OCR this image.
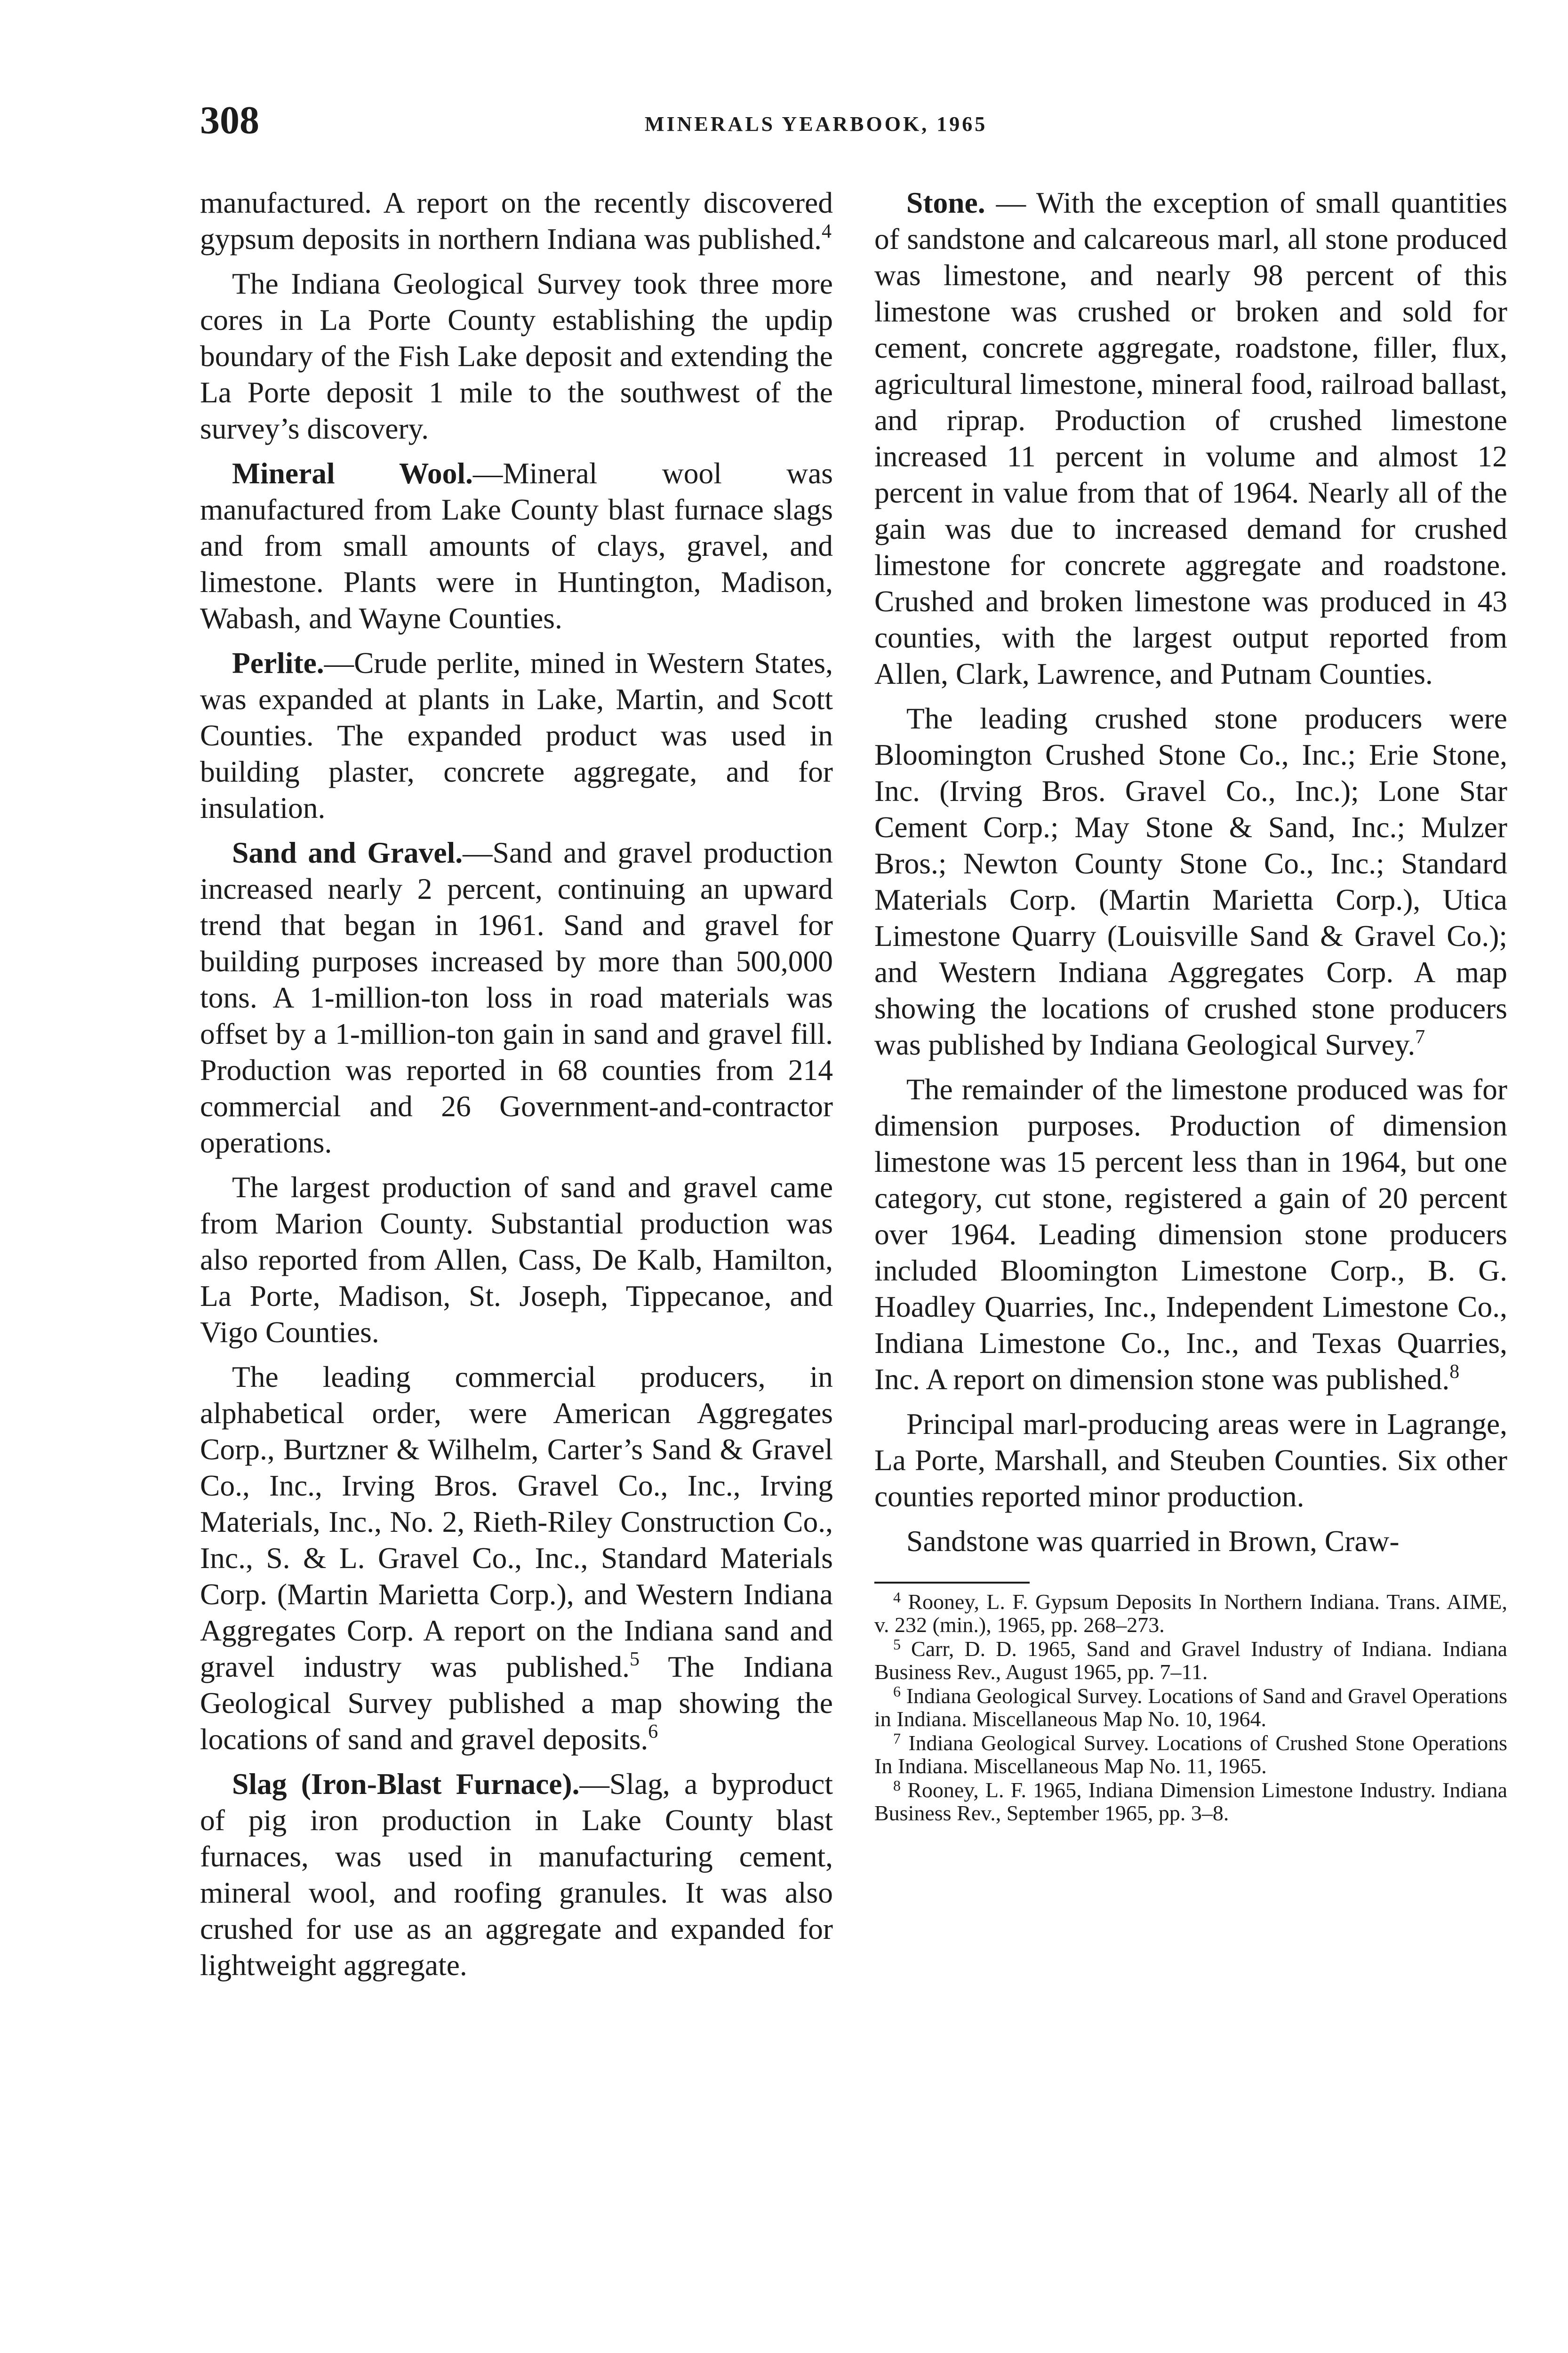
308	MINERALS YEARBOOK, 1965

manufactured. A report on the recently discovered gypsum deposits in northern Indiana was published.$^4$

The Indiana Geological Survey took three more cores in La Porte County establishing the updip boundary of the Fish Lake deposit and extending the La Porte deposit 1 mile to the southwest of the survey’s discovery.

Mineral Wool.—Mineral wool was manufactured from Lake County blast furnace slags and from small amounts of clays, gravel, and limestone. Plants were in Huntington, Madison, Wabash, and Wayne Counties.

Perlite.—Crude perlite, mined in Western States, was expanded at plants in Lake, Martin, and Scott Counties. The expanded product was used in building plaster, concrete aggregate, and for insulation.

Sand and Gravel.—Sand and gravel production increased nearly 2 percent, continuing an upward trend that began in 1961. Sand and gravel for building purposes increased by more than 500,000 tons. A 1-million-ton loss in road materials was offset by a 1-million-ton gain in sand and gravel fill. Production was reported in 68 counties from 214 commercial and 26 Government-and-contractor operations.

The largest production of sand and gravel came from Marion County. Substantial production was also reported from Allen, Cass, De Kalb, Hamilton, La Porte, Madison, St. Joseph, Tippecanoe, and Vigo Counties.

The leading commercial producers, in alphabetical order, were American Aggregates Corp., Burtzner & Wilhelm, Carter’s Sand & Gravel Co., Inc., Irving Bros. Gravel Co., Inc., Irving Materials, Inc., No. 2, Rieth-Riley Construction Co., Inc., S. & L. Gravel Co., Inc., Standard Materials Corp. (Martin Marietta Corp.), and Western Indiana Aggregates Corp. A report on the Indiana sand and gravel industry was published.$^5$ The Indiana Geological Survey published a map showing the locations of sand and gravel deposits.$^6$

Slag (Iron-Blast Furnace).—Slag, a byproduct of pig iron production in Lake County blast furnaces, was used in manufacturing cement, mineral wool, and roofing granules. It was also crushed for use as an aggregate and expanded for lightweight aggregate.

Stone. — With the exception of small quantities of sandstone and calcareous marl, all stone produced was limestone, and nearly 98 percent of this limestone was crushed or broken and sold for cement, concrete aggregate, roadstone, filler, flux, agricultural limestone, mineral food, railroad ballast, and riprap. Production of crushed limestone increased 11 percent in volume and almost 12 percent in value from that of 1964. Nearly all of the gain was due to increased demand for crushed limestone for concrete aggregate and roadstone. Crushed and broken limestone was produced in 43 counties, with the largest output reported from Allen, Clark, Lawrence, and Putnam Counties.

The leading crushed stone producers were Bloomington Crushed Stone Co., Inc.; Erie Stone, Inc. (Irving Bros. Gravel Co., Inc.); Lone Star Cement Corp.; May Stone & Sand, Inc.; Mulzer Bros.; Newton County Stone Co., Inc.; Standard Materials Corp. (Martin Marietta Corp.), Utica Limestone Quarry (Louisville Sand & Gravel Co.); and Western Indiana Aggregates Corp. A map showing the locations of crushed stone producers was published by Indiana Geological Survey.$^7$

The remainder of the limestone produced was for dimension purposes. Production of dimension limestone was 15 percent less than in 1964, but one category, cut stone, registered a gain of 20 percent over 1964. Leading dimension stone producers included Bloomington Limestone Corp., B. G. Hoadley Quarries, Inc., Independent Limestone Co., Indiana Limestone Co., Inc., and Texas Quarries, Inc. A report on dimension stone was published.$^8$

Principal marl-producing areas were in Lagrange, La Porte, Marshall, and Steuben Counties. Six other counties reported minor production.

Sandstone was quarried in Brown, Craw-

$^4$ Rooney, L. F. Gypsum Deposits In Northern Indiana. Trans. AIME, v. 232 (min.), 1965, pp. 268–273.

$^5$ Carr, D. D. 1965, Sand and Gravel Industry of Indiana. Indiana Business Rev., August 1965, pp. 7–11.

$^6$ Indiana Geological Survey. Locations of Sand and Gravel Operations in Indiana. Miscellaneous Map No. 10, 1964.

$^7$ Indiana Geological Survey. Locations of Crushed Stone Operations In Indiana. Miscellaneous Map No. 11, 1965.

$^8$ Rooney, L. F. 1965, Indiana Dimension Limestone Industry. Indiana Business Rev., September 1965, pp. 3–8.
